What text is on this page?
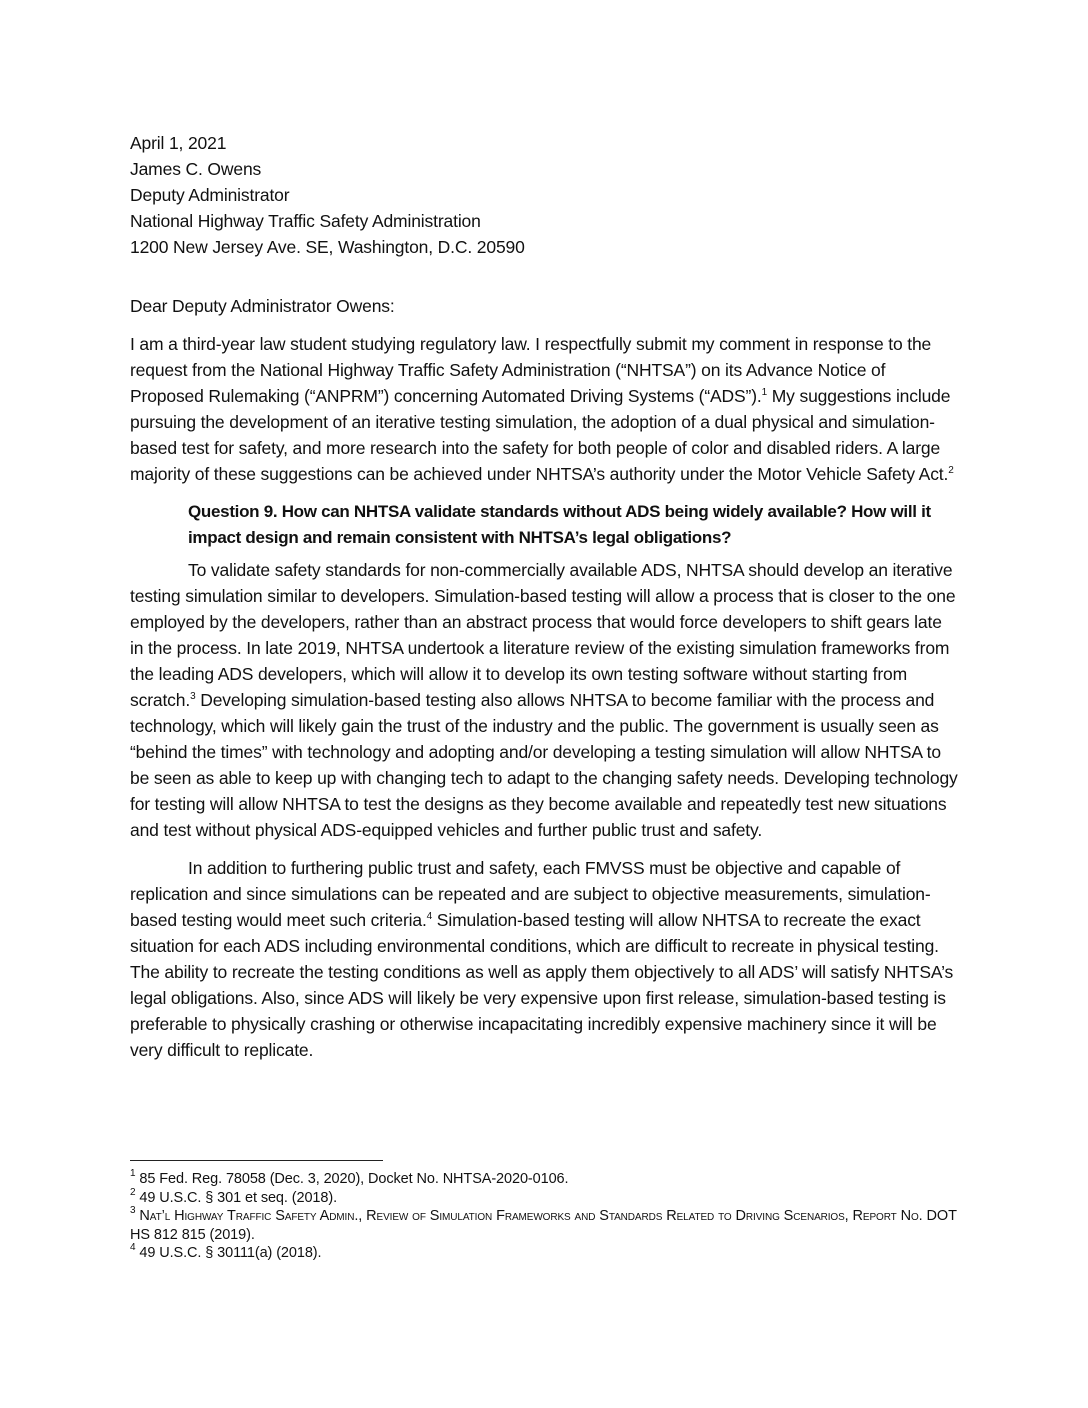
April 1, 2021

James C. Owens

Deputy Administrator

National Highway Traffic Safety Administration

1200 New Jersey Ave. SE, Washington, D.C. 20590

Dear Deputy Administrator Owens:

I am a third-year law student studying regulatory law. I respectfully submit my comment in response to the request from the National Highway Traffic Safety Administration (“NHTSA”) on its Advance Notice of Proposed Rulemaking (“ANPRM”) concerning Automated Driving Systems (“ADS”).$^1$ My suggestions include pursuing the development of an iterative testing simulation, the adoption of a dual physical and simulation-based test for safety, and more research into the safety for both people of color and disabled riders. A large majority of these suggestions can be achieved under NHTSA’s authority under the Motor Vehicle Safety Act.$^2$

Question 9. How can NHTSA validate standards without ADS being widely available? How will it impact design and remain consistent with NHTSA’s legal obligations?

To validate safety standards for non-commercially available ADS, NHTSA should develop an iterative testing simulation similar to developers. Simulation-based testing will allow a process that is closer to the one employed by the developers, rather than an abstract process that would force developers to shift gears late in the process. In late 2019, NHTSA undertook a literature review of the existing simulation frameworks from the leading ADS developers, which will allow it to develop its own testing software without starting from scratch.$^3$ Developing simulation-based testing also allows NHTSA to become familiar with the process and technology, which will likely gain the trust of the industry and the public. The government is usually seen as “behind the times” with technology and adopting and/or developing a testing simulation will allow NHTSA to be seen as able to keep up with changing tech to adapt to the changing safety needs. Developing technology for testing will allow NHTSA to test the designs as they become available and repeatedly test new situations and test without physical ADS-equipped vehicles and further public trust and safety.

In addition to furthering public trust and safety, each FMVSS must be objective and capable of replication and since simulations can be repeated and are subject to objective measurements, simulation-based testing would meet such criteria.$^4$ Simulation-based testing will allow NHTSA to recreate the exact situation for each ADS including environmental conditions, which are difficult to recreate in physical testing. The ability to recreate the testing conditions as well as apply them objectively to all ADS’ will satisfy NHTSA’s legal obligations. Also, since ADS will likely be very expensive upon first release, simulation-based testing is preferable to physically crashing or otherwise incapacitating incredibly expensive machinery since it will be very difficult to replicate.

$^1$ 85 Fed. Reg. 78058 (Dec. 3, 2020), Docket No. NHTSA-2020-0106.

$^2$ 49 U.S.C. § 301 et seq. (2018).

$^3$ Nat’l Highway Traffic Safety Admin., Review of Simulation Frameworks and Standards Related to Driving Scenarios, Report No. DOT HS 812 815 (2019).

$^4$ 49 U.S.C. § 30111(a) (2018).
